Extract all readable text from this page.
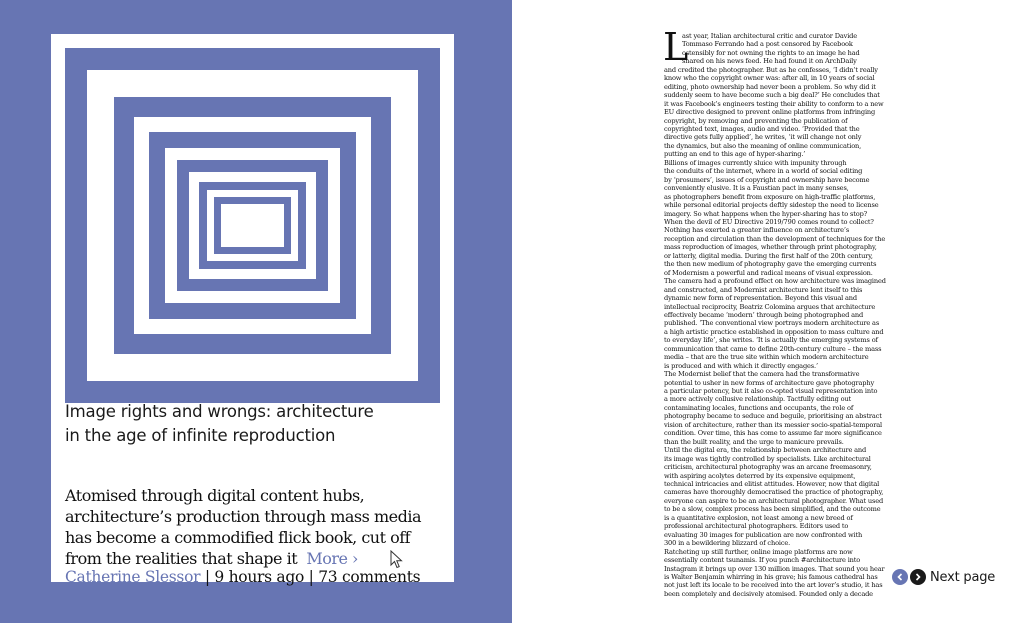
Image rights and wrongs: architecture
in the age of infinite reproduction
Atomised through digital content hubs,
architecture’s production through mass media
has become a commodified flick book, cut off
from the realities that shape it More ›
Catherine Slessor | 9 hours ago | 73 comments
L
ast year, Italian architectural critic and curator Davide
Tommaso Ferrando had a post censored by Facebook
ostensibly for not owning the rights to an image he had
shared on his news feed. He had found it on ArchDaily
and credited the photographer. But as he confesses, ‘I didn’t really
know who the copyright owner was: after all, in 10 years of social
editing, photo ownership had never been a problem. So why did it
suddenly seem to have become such a big deal?’ He concludes that
it was Facebook’s engineers testing their ability to conform to a new
EU directive designed to prevent online platforms from infringing
copyright, by removing and preventing the publication of
copyrighted text, images, audio and video. ‘Provided that the
directive gets fully applied’, he writes, ‘it will change not only
the dynamics, but also the meaning of online communication,
putting an end to this age of hyper-sharing.’
Billions of images currently sluice with impunity through
the conduits of the internet, where in a world of social editing
by ‘prosumers’, issues of copyright and ownership have become
conveniently elusive. It is a Faustian pact in many senses,
as photographers benefit from exposure on high-traffic platforms,
while personal editorial projects deftly sidestep the need to license
imagery. So what happens when the hyper-sharing has to stop?
When the devil of EU Directive 2019/790 comes round to collect?
Nothing has exerted a greater influence on architecture’s
reception and circulation than the development of techniques for the
mass reproduction of images, whether through print photography,
or latterly, digital media. During the first half of the 20th century,
the then new medium of photography gave the emerging currents
of Modernism a powerful and radical means of visual expression.
The camera had a profound effect on how architecture was imagined
and constructed, and Modernist architecture lent itself to this
dynamic new form of representation. Beyond this visual and
intellectual reciprocity, Beatriz Colomina argues that architecture
effectively became ‘modern’ through being photographed and
published. ‘The conventional view portrays modern architecture as
a high artistic practice established in opposition to mass culture and
to everyday life’, she writes. ‘It is actually the emerging systems of
communication that came to define 20th-century culture – the mass
media – that are the true site within which modern architecture
is produced and with which it directly engages.’
The Modernist belief that the camera had the transformative
potential to usher in new forms of architecture gave photography
a particular potency, but it also co-opted visual representation into
a more actively collusive relationship. Tactfully editing out
contaminating locales, functions and occupants, the role of
photography became to seduce and beguile, prioritising an abstract
vision of architecture, rather than its messier socio-spatial-temporal
condition. Over time, this has come to assume far more significance
than the built reality, and the urge to manicure prevails.
Until the digital era, the relationship between architecture and
its image was tightly controlled by specialists. Like architectural
criticism, architectural photography was an arcane freemasonry,
with aspiring acolytes deterred by its expensive equipment,
technical intricacies and elitist attitudes. However, now that digital
cameras have thoroughly democratised the practice of photography,
everyone can aspire to be an architectural photographer. What used
to be a slow, complex process has been simplified, and the outcome
is a quantitative explosion, not least among a new breed of
professional architectural photographers. Editors used to
evaluating 30 images for publication are now confronted with
300 in a bewildering blizzard of choice.
Ratcheting up still further, online image platforms are now
essentially content tsunamis. If you punch #architecture into
Instagram it brings up over 130 million images. That sound you hear
is Walter Benjamin whirring in his grave; his famous cathedral has
not just left its locale to be received into the art lover’s studio, it has
been completely and decisively atomised. Founded only a decade
Next page
